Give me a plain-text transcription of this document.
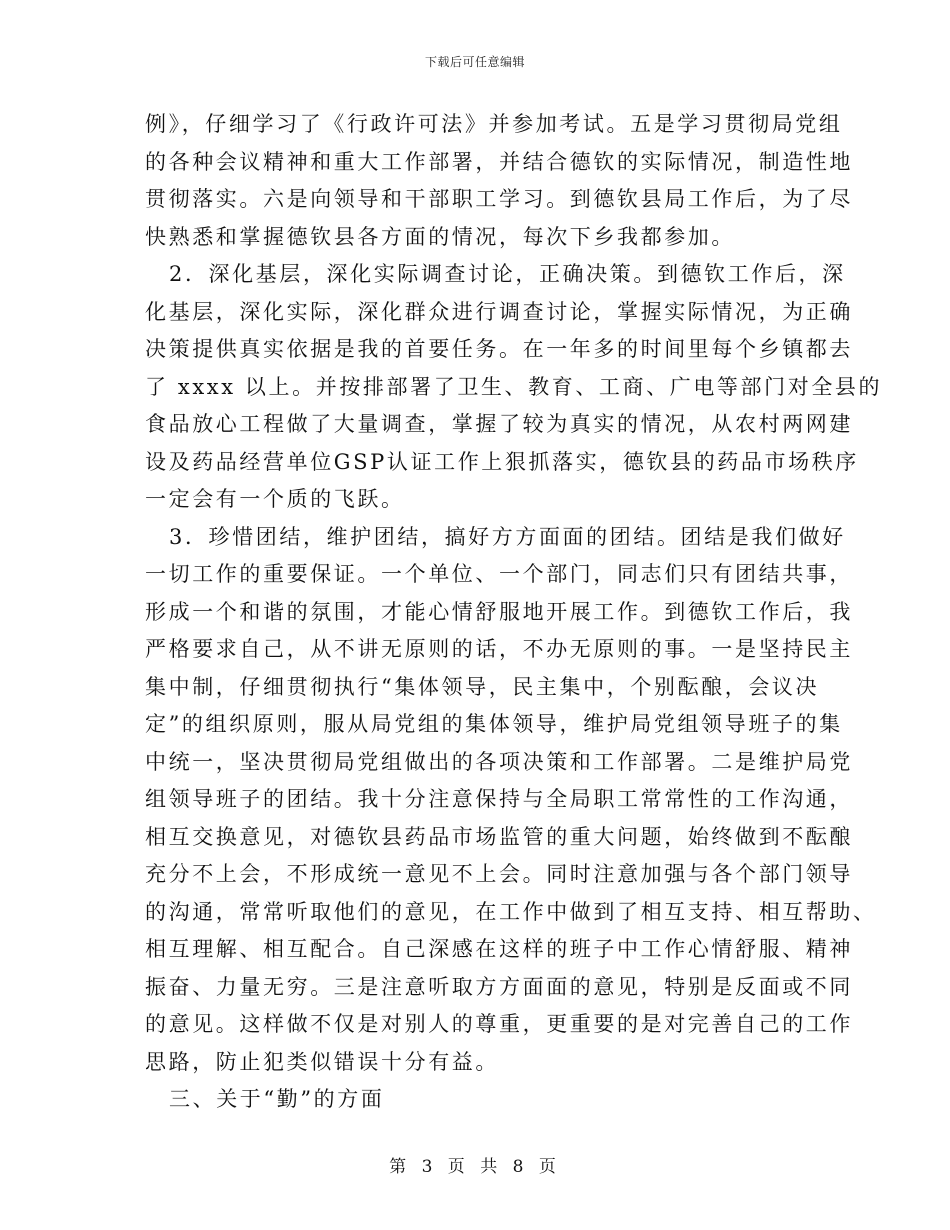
下载后可任意编辑
例》，仔细学习了《行政许可法》并参加考试。五是学习贯彻局党组
的各种会议精神和重大工作部署，并结合德钦的实际情况，制造性地
贯彻落实。六是向领导和干部职工学习。到德钦县局工作后，为了尽
快熟悉和掌握德钦县各方面的情况，每次下乡我都参加。
2．深化基层，深化实际调查讨论，正确决策。到德钦工作后，深
化基层，深化实际，深化群众进行调查讨论，掌握实际情况，为正确
决策提供真实依据是我的首要任务。在一年多的时间里每个乡镇都去
了 xxxx 以上。并按排部署了卫生、教育、工商、广电等部门对全县的
食品放心工程做了大量调查，掌握了较为真实的情况，从农村两网建
设及药品经营单位GSP认证工作上狠抓落实，德钦县的药品市场秩序
一定会有一个质的飞跃。
3．珍惜团结，维护团结，搞好方方面面的团结。团结是我们做好
一切工作的重要保证。一个单位、一个部门，同志们只有团结共事，
形成一个和谐的氛围，才能心情舒服地开展工作。到德钦工作后，我
严格要求自己，从不讲无原则的话，不办无原则的事。一是坚持民主
集中制，仔细贯彻执行“集体领导，民主集中，个别酝酿，会议决
定”的组织原则，服从局党组的集体领导，维护局党组领导班子的集
中统一，坚决贯彻局党组做出的各项决策和工作部署。二是维护局党
组领导班子的团结。我十分注意保持与全局职工常常性的工作沟通，
相互交换意见，对德钦县药品市场监管的重大问题，始终做到不酝酿
充分不上会，不形成统一意见不上会。同时注意加强与各个部门领导
的沟通，常常听取他们的意见，在工作中做到了相互支持、相互帮助、
相互理解、相互配合。自己深感在这样的班子中工作心情舒服、精神
振奋、力量无穷。三是注意听取方方面面的意见，特别是反面或不同
的意见。这样做不仅是对别人的尊重，更重要的是对完善自己的工作
思路，防止犯类似错误十分有益。
三、关于“勤”的方面
第 3 页 共 8 页
